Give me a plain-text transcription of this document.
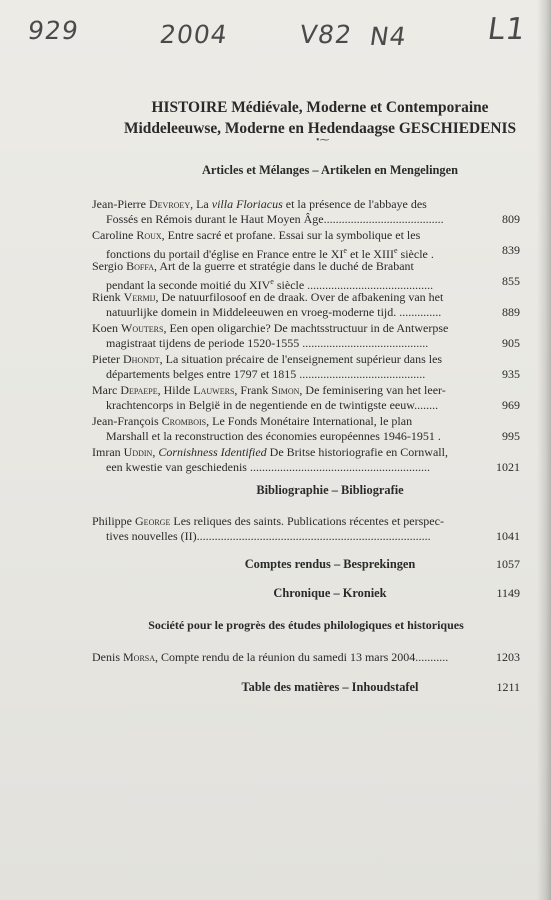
929	2004	V82 N4	L1
HISTOIRE Médiévale, Moderne et Contemporaine
Middeleeuwse, Moderne en Hedendaagse GESCHIEDENIS
•⁓
Articles et Mélanges – Artikelen en Mengelingen
Jean-Pierre Devroey, La villa Floriacus et la présence de l'abbaye des
Fossés en Rémois durant le Haut Moyen Âge........................................	809
Caroline Roux, Entre sacré et profane. Essai sur la symbolique et les
fonctions du portail d'église en France entre le XIe et le XIIIe siècle .	839
Sergio Boffa, Art de la guerre et stratégie dans le duché de Brabant
pendant la seconde moitié du XIVe siècle ..........................................	855
Rienk Vermij, De natuurfilosoof en de draak. Over de afbakening van het
natuurlijke domein in Middeleeuwen en vroeg-moderne tijd. ..............	889
Koen Wouters, Een open oligarchie? De machtsstructuur in de Antwerpse
magistraat tijdens de periode 1520-1555 ..........................................	905
Pieter Dhondt, La situation précaire de l'enseignement supérieur dans les
départements belges entre 1797 et 1815 ..........................................	935
Marc Depaepe, Hilde Lauwers, Frank Simon, De feminisering van het leer-
krachtencorps in België in de negentiende en de twintigste eeuw........	969
Jean-François Crombois, Le Fonds Monétaire International, le plan
Marshall et la reconstruction des économies européennes 1946-1951 .	995
Imran Uddin, Cornishness Identified De Britse historiografie en Cornwall,
een kwestie van geschiedenis ............................................................	1021
Bibliographie – Bibliografie
Philippe George Les reliques des saints. Publications récentes et perspec-
tives nouvelles (II)..............................................................................	1041
Comptes rendus – Besprekingen	1057
Chronique – Kroniek	1149
Société pour le progrès des études philologiques et historiques
Denis Morsa, Compte rendu de la réunion du samedi 13 mars 2004...........	1203
Table des matières – Inhoudstafel	1211
